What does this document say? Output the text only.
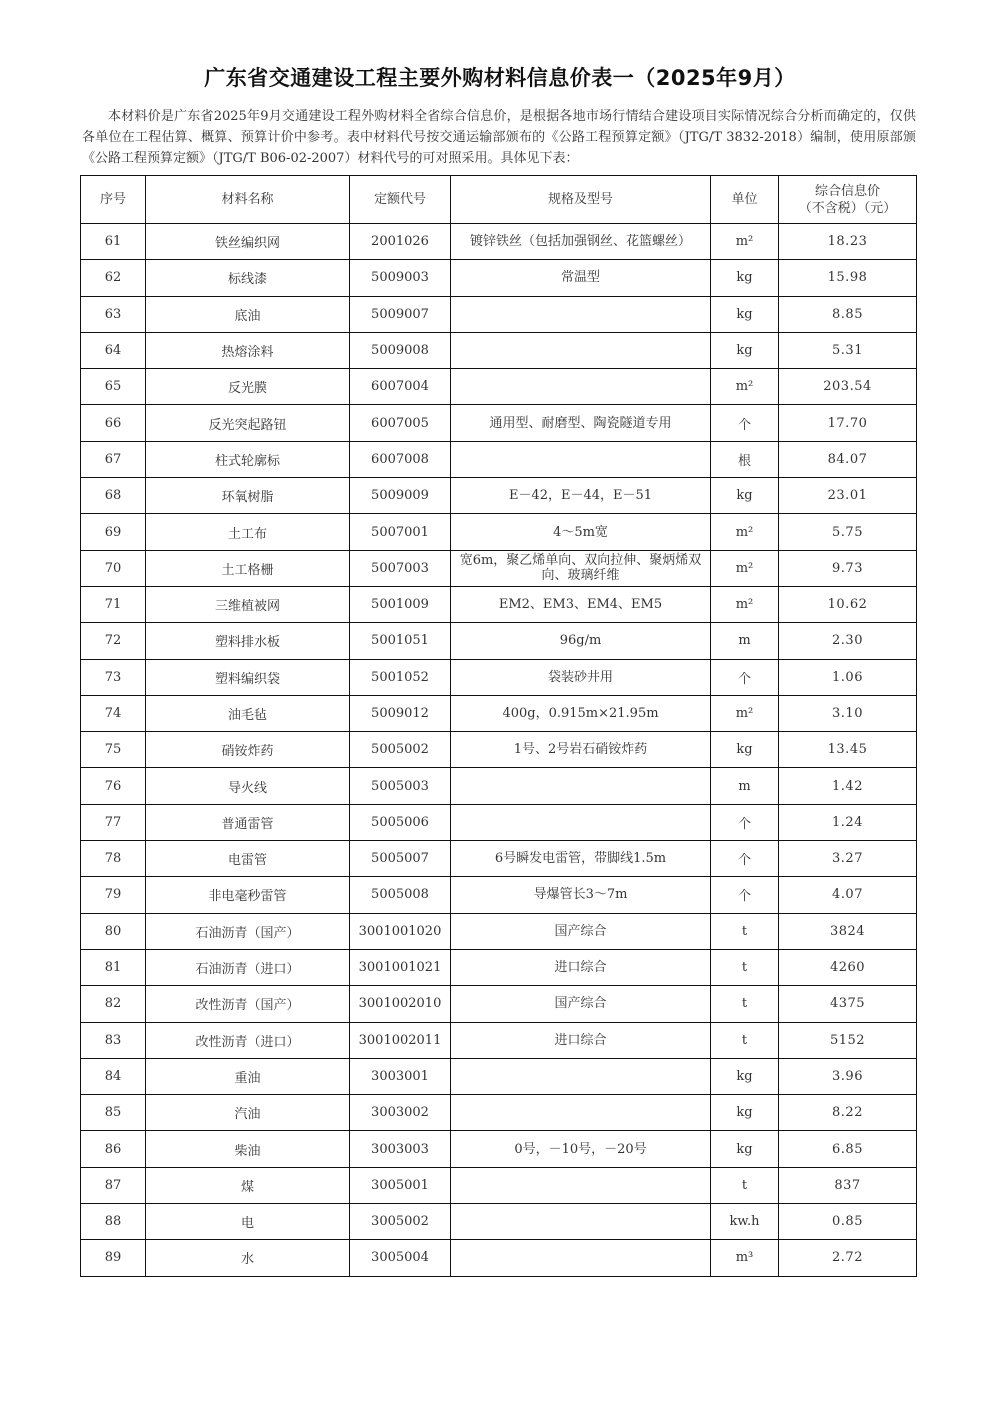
广东省交通建设工程主要外购材料信息价表一（2025年9月）
本材料价是广东省2025年9月交通建设工程外购材料全省综合信息价，是根据各地市场行情结合建设项目实际情况综合分析而确定的，仅供各单位在工程估算、概算、预算计价中参考。表中材料代号按交通运输部颁布的《公路工程预算定额》（JTG/T 3832-2018）编制，使用原部颁《公路工程预算定额》（JTG/T B06-02-2007）材料代号的可对照采用。具体见下表：
序号	材料名称	定额代号	规格及型号	单位	综合信息价
（不含税）（元）

61	铁丝编织网	2001026	镀锌铁丝（包括加强钢丝、花篮螺丝）	m²	18.23
62	标线漆	5009003	常温型	kg	15.98
63	底油	5009007		kg	8.85
64	热熔涂料	5009008		kg	5.31
65	反光膜	6007004		m²	203.54
66	反光突起路钮	6007005	通用型、耐磨型、陶瓷隧道专用	个	17.70
67	柱式轮廓标	6007008		根	84.07
68	环氧树脂	5009009	E－42，E－44，E－51	kg	23.01
69	土工布	5007001	4～5m宽	m²	5.75
70	土工格栅	5007003	宽6m，聚乙烯单向、双向拉伸、聚炳烯双向、玻璃纤维	m²	9.73
71	三维植被网	5001009	EM2、EM3、EM4、EM5	m²	10.62
72	塑料排水板	5001051	96g/m	m	2.30
73	塑料编织袋	5001052	袋装砂井用	个	1.06
74	油毛毡	5009012	400g，0.915m×21.95m	m²	3.10
75	硝铵炸药	5005002	1号、2号岩石硝铵炸药	kg	13.45
76	导火线	5005003		m	1.42
77	普通雷管	5005006		个	1.24
78	电雷管	5005007	6号瞬发电雷管，带脚线1.5m	个	3.27
79	非电毫秒雷管	5005008	导爆管长3～7m	个	4.07
80	石油沥青（国产）	3001001020	国产综合	t	3824
81	石油沥青（进口）	3001001021	进口综合	t	4260
82	改性沥青（国产）	3001002010	国产综合	t	4375
83	改性沥青（进口）	3001002011	进口综合	t	5152
84	重油	3003001		kg	3.96
85	汽油	3003002		kg	8.22
86	柴油	3003003	0号，－10号，－20号	kg	6.85
87	煤	3005001		t	837
88	电	3005002		kw.h	0.85
89	水	3005004		m³	2.72
